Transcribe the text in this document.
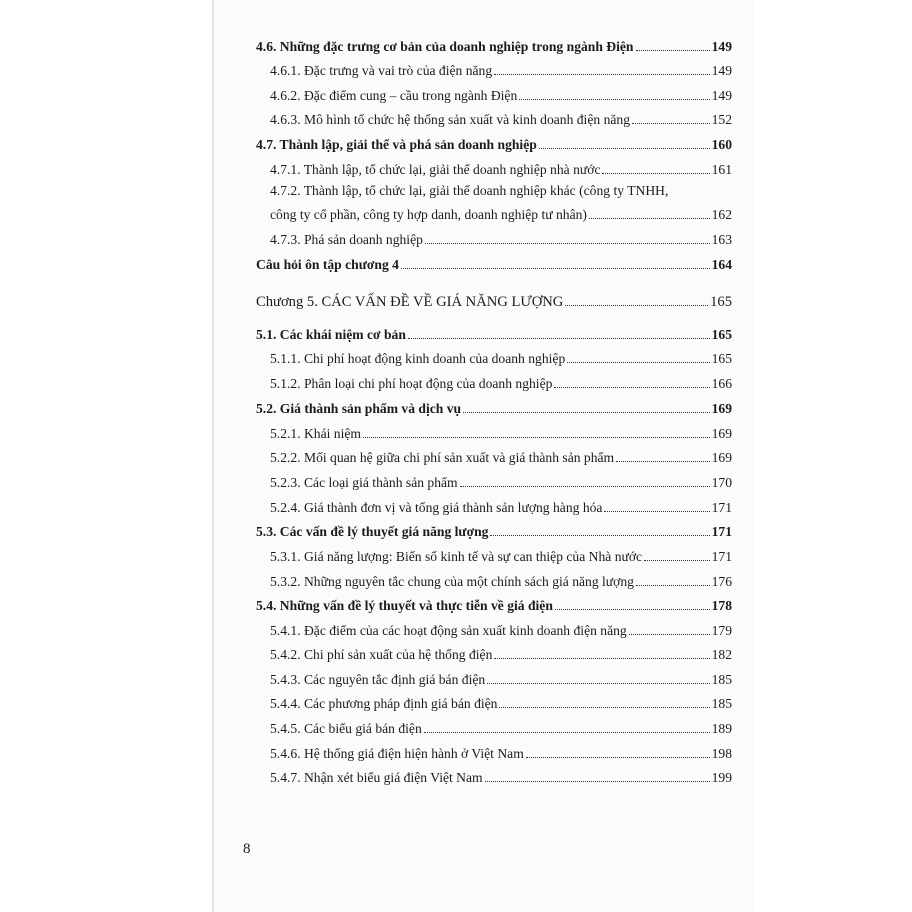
4.6. Những đặc trưng cơ bản của doanh nghiệp trong ngành Điện	149
4.6.1. Đặc trưng và vai trò của điện năng	149
4.6.2. Đặc điểm cung – cầu trong ngành Điện	149
4.6.3. Mô hình tổ chức hệ thống sản xuất và kinh doanh điện năng	152
4.7. Thành lập, giải thể và phá sản doanh nghiệp	160
4.7.1. Thành lập, tổ chức lại, giải thể doanh nghiệp nhà nước	161
4.7.2. Thành lập, tổ chức lại, giải thể doanh nghiệp khác (công ty TNHH,
công ty cổ phần, công ty hợp danh, doanh nghiệp tư nhân)	162
4.7.3. Phá sản doanh nghiệp	163
Câu hỏi ôn tập chương 4	164
Chương 5. CÁC VẤN ĐỀ VỀ GIÁ NĂNG LƯỢNG	165
5.1. Các khái niệm cơ bản	165
5.1.1. Chi phí hoạt động kinh doanh của doanh nghiệp	165
5.1.2. Phân loại chi phí hoạt động của doanh nghiệp	166
5.2. Giá thành sản phẩm và dịch vụ	169
5.2.1. Khái niệm	169
5.2.2. Mối quan hệ giữa chi phí sản xuất và giá thành sản phẩm	169
5.2.3. Các loại giá thành sản phẩm	170
5.2.4. Giá thành đơn vị và tổng giá thành sản lượng hàng hóa	171
5.3. Các vấn đề lý thuyết giá năng lượng	171
5.3.1. Giá năng lượng: Biến số kinh tế và sự can thiệp của Nhà nước	171
5.3.2. Những nguyên tắc chung của một chính sách giá năng lượng	176
5.4. Những vấn đề lý thuyết và thực tiễn về giá điện	178
5.4.1. Đặc điểm của các hoạt động sản xuất kinh doanh điện năng	179
5.4.2. Chi phí sản xuất của hệ thống điện	182
5.4.3. Các nguyên tắc định giá bán điện	185
5.4.4. Các phương pháp định giá bán điện	185
5.4.5. Các biểu giá bán điện	189
5.4.6. Hệ thống giá điện hiện hành ở Việt Nam	198
5.4.7. Nhận xét biểu giá điện Việt Nam	199
8
